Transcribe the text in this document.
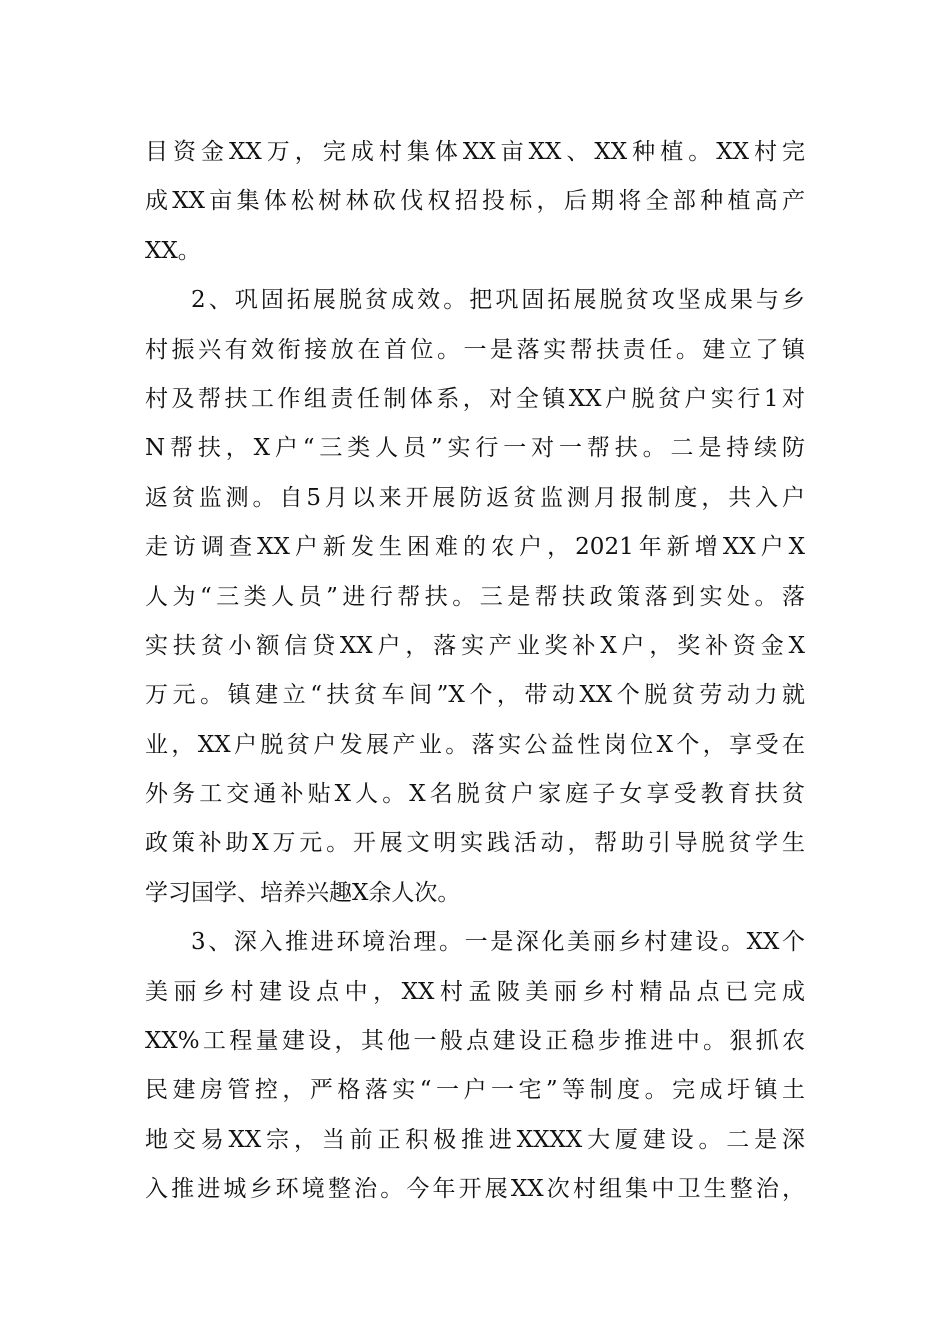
目资金XX万，完成村集体XX亩XX、XX种植。XX村完
成XX亩集体松树林砍伐权招投标，后期将全部种植高产
XX。
2、巩固拓展脱贫成效。把巩固拓展脱贫攻坚成果与乡
村振兴有效衔接放在首位。一是落实帮扶责任。建立了镇
村及帮扶工作组责任制体系，对全镇XX户脱贫户实行1对
N帮扶，X户“三类人员”实行一对一帮扶。二是持续防
返贫监测。自5月以来开展防返贫监测月报制度，共入户
走访调查XX户新发生困难的农户，2021年新增XX户X
人为“三类人员”进行帮扶。三是帮扶政策落到实处。落
实扶贫小额信贷XX户，落实产业奖补X户，奖补资金X
万元。镇建立“扶贫车间”X个，带动XX个脱贫劳动力就
业，XX户脱贫户发展产业。落实公益性岗位X个，享受在
外务工交通补贴X人。X名脱贫户家庭子女享受教育扶贫
政策补助X万元。开展文明实践活动，帮助引导脱贫学生
学习国学、培养兴趣X余人次。
3、深入推进环境治理。一是深化美丽乡村建设。XX个
美丽乡村建设点中，XX村孟陂美丽乡村精品点已完成
XX%工程量建设，其他一般点建设正稳步推进中。狠抓农
民建房管控，严格落实“一户一宅”等制度。完成圩镇土
地交易XX宗，当前正积极推进XXXX大厦建设。二是深
入推进城乡环境整治。今年开展XX次村组集中卫生整治，
